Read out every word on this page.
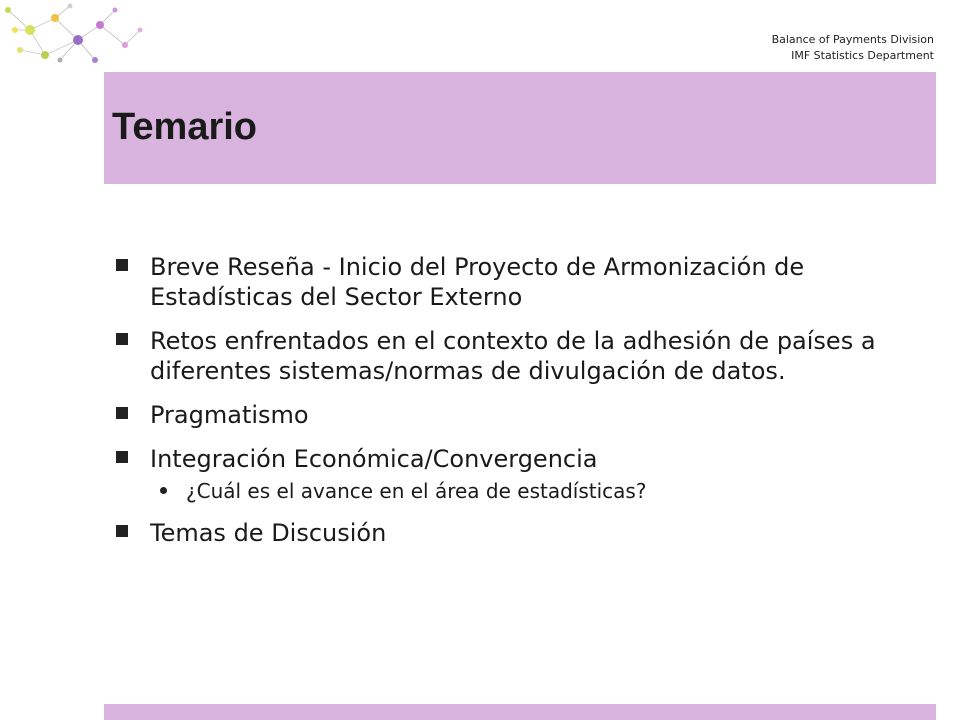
Balance of Payments Division
IMF Statistics Department
Temario
Breve Reseña - Inicio del Proyecto de Armonización de Estadísticas del Sector Externo
Retos enfrentados en el contexto de la adhesión de países a diferentes sistemas/normas de divulgación de datos.
Pragmatismo
Integración Económica/Convergencia
¿Cuál es el avance en el área de estadísticas?
Temas de Discusión
